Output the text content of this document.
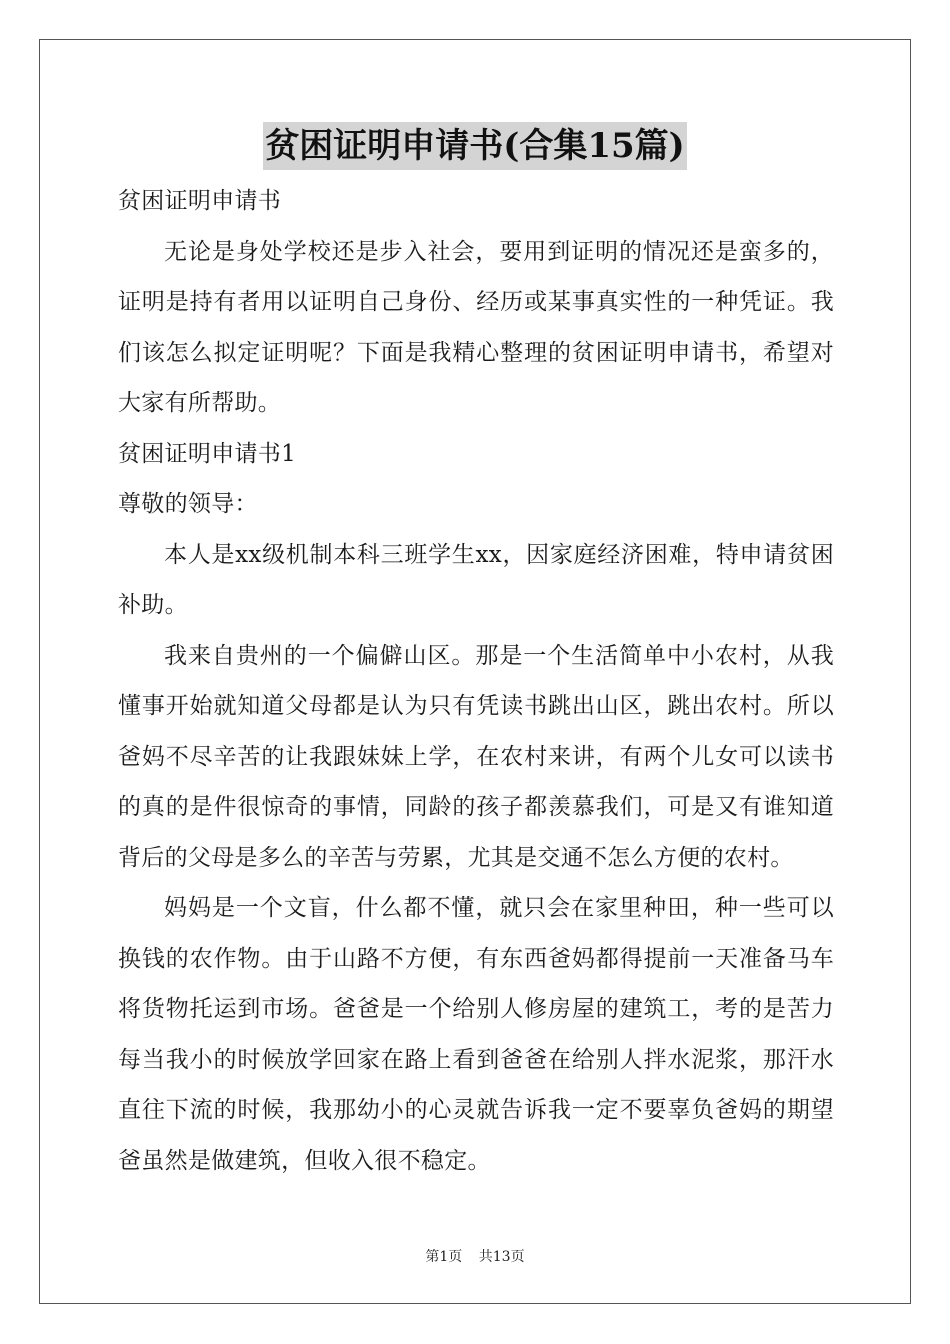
贫困证明申请书(合集15篇)

贫困证明申请书

无论是身处学校还是步入社会，要用到证明的情况还是蛮多的，证明是持有者用以证明自己身份、经历或某事真实性的一种凭证。我们该怎么拟定证明呢？下面是我精心整理的贫困证明申请书，希望对大家有所帮助。

贫困证明申请书1

尊敬的领导：

本人是xx级机制本科三班学生xx，因家庭经济困难，特申请贫困补助。

我来自贵州的一个偏僻山区。那是一个生活简单中小农村，从我懂事开始就知道父母都是认为只有凭读书跳出山区，跳出农村。所以爸妈不尽辛苦的让我跟妹妹上学，在农村来讲，有两个儿女可以读书的真的是件很惊奇的事情，同龄的孩子都羡慕我们，可是又有谁知道背后的父母是多么的辛苦与劳累，尤其是交通不怎么方便的农村。

妈妈是一个文盲，什么都不懂，就只会在家里种田，种一些可以换钱的农作物。由于山路不方便，有东西爸妈都得提前一天准备马车将货物托运到市场。爸爸是一个给别人修房屋的建筑工，考的是苦力每当我小的时候放学回家在路上看到爸爸在给别人拌水泥浆，那汗水直往下流的时候，我那幼小的心灵就告诉我一定不要辜负爸妈的期望爸虽然是做建筑，但收入很不稳定。

第1页 共13页
